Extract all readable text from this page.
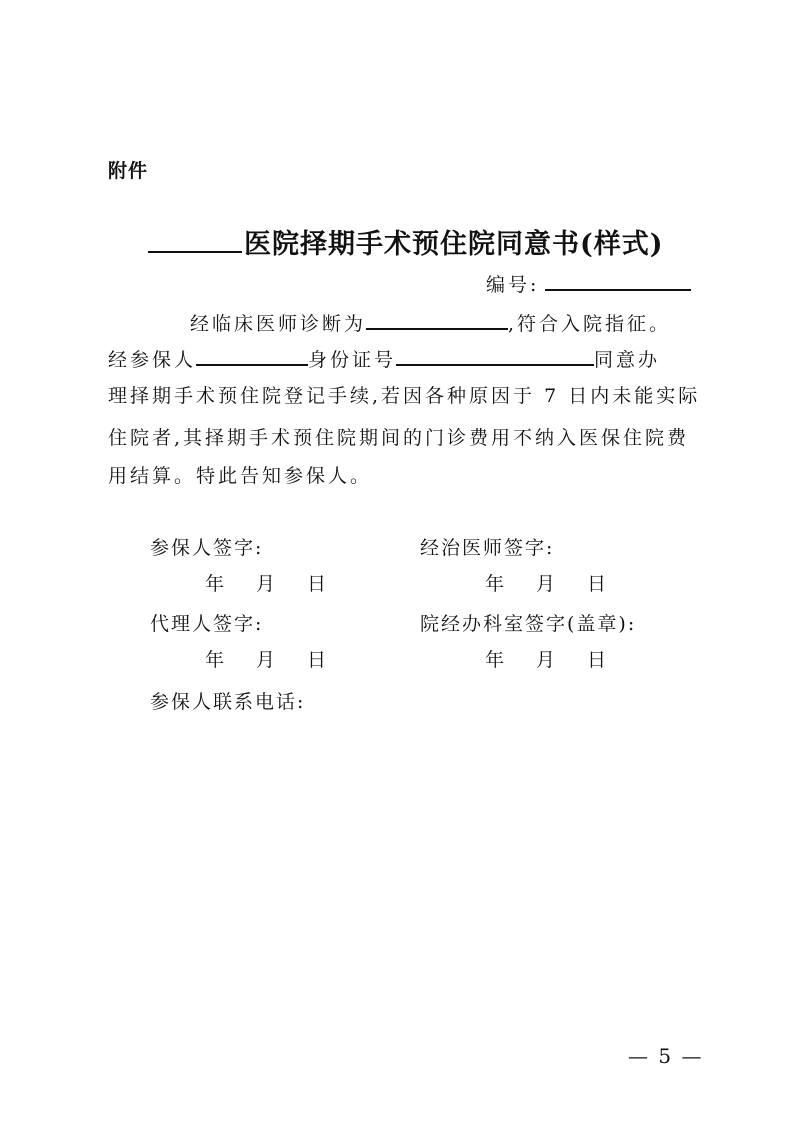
附件
医院择期手术预住院同意书(样式)
编号:
经临床医师诊断为	,符合入院指征。
经参保人	身份证号	同意办
理择期手术预住院登记手续,若因各种原因于 7 日内未能实际
住院者,其择期手术预住院期间的门诊费用不纳入医保住院费
用结算。特此告知参保人。
参保人签字:	经治医师签字:
年 月 日	年 月 日
代理人签字:	院经办科室签字(盖章):
年 月 日	年 月 日
参保人联系电话:
— 5 —
